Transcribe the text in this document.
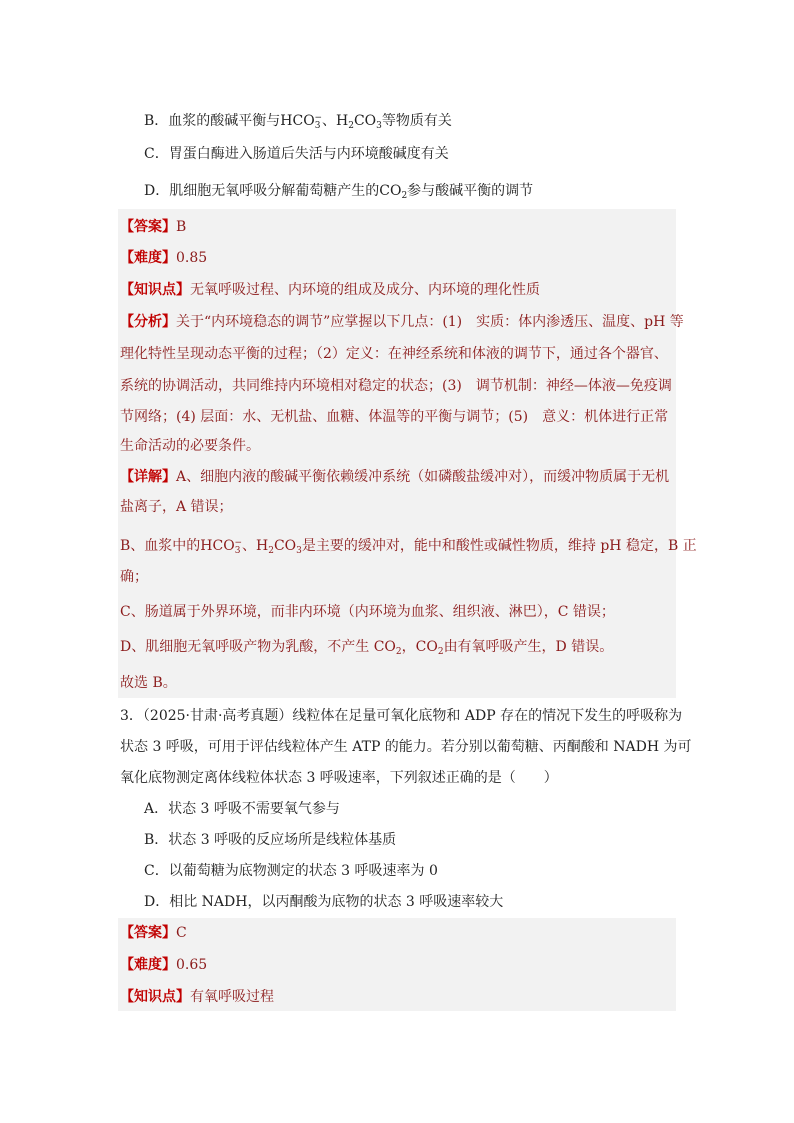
B．血浆的酸碱平衡与$HCO_3^-$、$H_2CO_3$等物质有关
C．胃蛋白酶进入肠道后失活与内环境酸碱度有关
D．肌细胞无氧呼吸分解葡萄糖产生的$CO_2$参与酸碱平衡的调节
【答案】B
【难度】0.85
【知识点】无氧呼吸过程、内环境的组成及成分、内环境的理化性质
【分析】关于“内环境稳态的调节”应掌握以下几点：(1)　实质：体内渗透压、温度、pH 等
理化特性呈现动态平衡的过程；（2）定义：在神经系统和体液的调节下，通过各个器官、
系统的协调活动，共同维持内环境相对稳定的状态；(3)　调节机制：神经—体液—免疫调
节网络；(4) 层面：水、无机盐、血糖、体温等的平衡与调节；(5)　意义：机体进行正常
生命活动的必要条件。
【详解】A、细胞内液的酸碱平衡依赖缓冲系统（如磷酸盐缓冲对），而缓冲物质属于无机
盐离子，A 错误；
B、血浆中的$HCO_3^-$、$H_2CO_3$是主要的缓冲对，能中和酸性或碱性物质，维持 pH 稳定，B 正
确；
C、肠道属于外界环境，而非内环境（内环境为血浆、组织液、淋巴），C 错误；
D、肌细胞无氧呼吸产物为乳酸，不产生 $CO_2$，$CO_2$由有氧呼吸产生，D 错误。
故选 B。
3．（2025·甘肃·高考真题）线粒体在足量可氧化底物和 ADP 存在的情况下发生的呼吸称为
状态 3 呼吸，可用于评估线粒体产生 ATP 的能力。若分别以葡萄糖、丙酮酸和 NADH 为可
氧化底物测定离体线粒体状态 3 呼吸速率，下列叙述正确的是（　　）
A．状态 3 呼吸不需要氧气参与
B．状态 3 呼吸的反应场所是线粒体基质
C．以葡萄糖为底物测定的状态 3 呼吸速率为 0
D．相比 NADH，以丙酮酸为底物的状态 3 呼吸速率较大
【答案】C
【难度】0.65
【知识点】有氧呼吸过程
